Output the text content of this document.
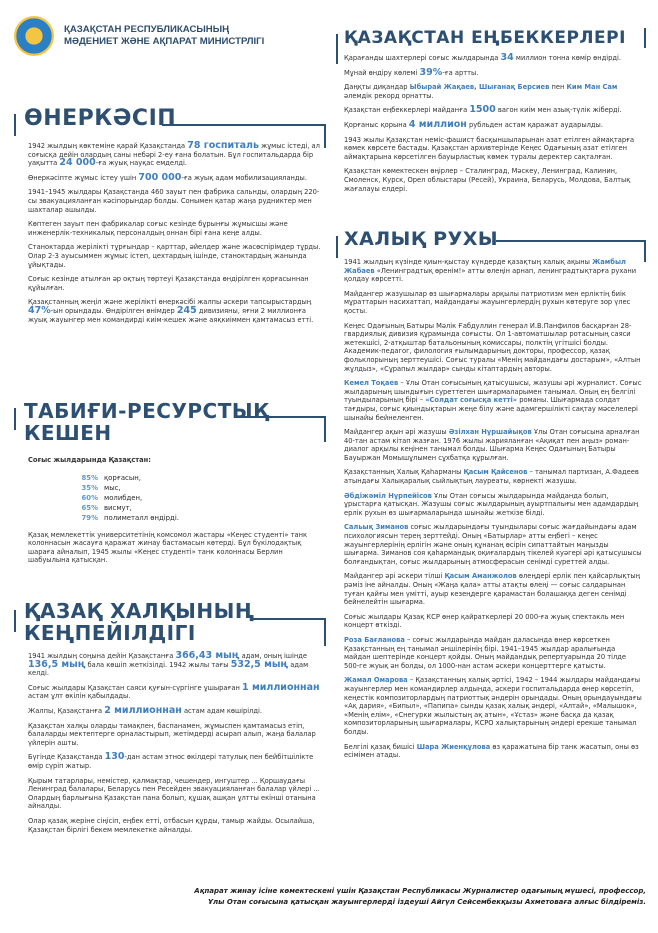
ҚАЗАҚСТАН РЕСПУБЛИКАСЫНЫҢ
МӘДЕНИЕТ ЖӘНЕ АҚПАРАТ МИНИСТРЛІГІ
ӨНЕРКӘСІП

1942 жылдың көктеміне қарай Қазақстанда 78 госпиталь жұмыс істеді, ал соғысқа дейін олардың саны небәрі 2-еу ғана болатын. Бұл госпитальдарда бір уақытта 24 000-ға жуық науқас емделді.

Өнеркәсіпте жұмыс істеу үшін 700 000-ға жуық адам мобилизацияланды.

1941–1945 жылдары Қазақстанда 460 зауыт пен фабрика сальнды, олардың 220-сы эвакуацияланған кәсіпорындар болды. Сонымен қатар жаңа рудниктер мен шахталар ашылды.

Көптеген зауыт пен фабрикалар соғыс кезінде бұрынғы жұмысшы және инженерлік-техникалық персоналдың оннан бірі ғана кеңе алды.

Станоктарда жерілікті тұрғындар – қарттар, әйелдер және жасөспірімдер тұрды. Олар 2-3 ауысыммен жұмыс істеп, цехтардың ішінде, станоктардың жанында ұйықтады.

Соғыс кезінде атылған әр оқтың төртеуі Қазақстанда өндірілген қорғасыннан құйылған.

Қазақстанның жеңіл және жерілікті өнеркәсібі жалпы әскери тапсырыстардың 47%-ын орындады. Өндірілген өнімдер 245 дивизияны, яғни 2 миллионға жуық жауынгер мен командирді киім-кешек және аяқкиіммен қамтамасыз етті.

ТАБИҒИ-РЕСУРСТЫҚ
КЕШЕН

Соғыс жылдарында Қазақстан:

85% қорғасын,
35% мыс,
60% молибден,
65% висмут,
79% полиметалл өндірді.

Қазақ мемлекеттік университетінің комсомол жастары «Кеңес студенті» танк колоннасын жасауға қаражат жинау бастамасын көтерді. Бұл бүкілодақтық шараға айналып, 1945 жылы «Кеңес студенті» танк колоннасы Берлин шабуылына қатысқан.

ҚАЗАҚ ХАЛҚЫНЫҢ
КЕҢПЕЙІЛДІГІ

1941 жылдың соңына дейін Қазақстанға 366,43 мың адам, оның ішінде 136,5 мың бала көшіп жеткізілді. 1942 жылы тағы 532,5 мың адам келді.

Соғыс жылдары Қазақстан саяси қуғын-сүргінге ұшыраған 1 миллионнан астам ұлт өкілін қабылдады.

Жалпы, Қазақстанға 2 миллионнан астам адам көшірілді.

Қазақстан халқы оларды тамақпен, баспанамен, жұмыспен қамтамасыз етіп, балаларды мектептерге орналастырып, жетімдерді асырап алып, жаңа балалар үйлерін ашты.

Бүгінде Қазақстанда 130-дан астам этнос өкілдері татулық пен бейбітшілікте өмір сүріп жатыр.

Қырым татарлары, немістер, қалмақтар, чешендер, ингуштер ... Қоршаудағы Ленинград балалары, Беларусь пен Ресейден эвакуацияланған балалар үйлері ... Олардың барлығына Қазақстан пана болып, құшақ ашқан ұлтты екінші отанына айналды.

Олар қазақ жеріне сіңісіп, еңбек етті, отбасын құрды, тамыр жайды. Осылайша, Қазақстан бірлігі бекем мемлекетке айналды.

ҚАЗАҚСТАН ЕҢБЕККЕРЛЕРІ

Қарағанды шахтерлері соғыс жылдарында 34 миллион тонна көмір өндірді.

Мұнай өндіру көлемі 39%-ға артты.

Даңқты диқандар Ыбырай Жақаев, Шығанақ Берсиев пен Ким Ман Сам әлемдік рекорд орнатты.

Қазақстан еңбеккерлері майданға 1500 вагон киім мен азық-түлік жіберді.

Қорғаныс қорына 4 миллион рубльден астам қаражат аударылды.

1943 жылы Қазақстан неміс-фашист басқыншыларынан азат етілген аймақтарға көмек көрсете бастады. Қазақстан архивтерінде Кеңес Одағының азат етілген аймақтарына көрсетілген бауырластық көмек туралы деректер сақталған.

Қазақстан көмектескен өңірлер – Сталинград, Мәскеу, Ленинград, Калинин, Смоленск, Курск, Орел облыстары (Ресей), Украина, Беларусь, Молдова, Балтық жағалауы елдері.

ХАЛЫҚ РУХЫ

1941 жылдың күзінде қиын-қыстау күндерде қазақтың халық ақыны Жамбыл Жабаев «Ленинградтық өренім!» атты өлеңін арнап, ленинградтықтарға рухани қолдау көрсетті.

Майдангер жазушылар өз шығармалары арқылы патриотизм мен ерліктің биік мұраттарын насихаттап, майдандағы жауынгерлердің рухын көтеруге зор үлес қосты.

Кеңес Одағының Батыры Мәлік Ғабдуллин генерал И.В.Панфилов басқарған 28-гвардиялық дивизия құрамында соғысты. Ол 1-автоматшылар ротасының саяси жетекшісі, 2-атқыштар батальонының комиссары, полктің үгітшісі болды. Академик-педагог, филология ғылымдарының докторы, профессор, қазақ фольклорының зерттеушісі. Соғыс туралы «Менің майдандағы достарым», «Алтын жұлдыз», «Сұрапыл жылдар» сынды кітаптардың авторы.

Кемел Тоқаев – Ұлы Отан соғысының қатысушысы, жазушы әрі журналист. Соғыс жылдарының шындығын суреттеген шығармаларымен танымал. Оның ең белгілі туындыларының бірі – «Солдат соғысқа кетті» романы. Шығармада солдат тағдыры, соғыс қиындықтарын жеңе білу және адамгершілікті сақтау мәселелері шынайы бейнеленген.

Майдангер ақын әрі жазушы Әзілхан Нұршайықов Ұлы Отан соғысына арналған 40-тан астам кітап жазған. 1976 жылы жарияланған «Ақиқат пен аңыз» роман-диалог арқылы кеңінен танымал болды. Шығарма Кеңес Одағының Батыры Бауыржан Момышұлымен сұхбатқа құрылған.

Қазақстанның Халық Қаһарманы Қасым Қайсенов – танымал партизан, А.Фадеев атындағы Халықаралық сыйлықтың лауреаты, көрнекті жазушы.

Әбдіжәміл Нұрпейісов Ұлы Отан соғысы жылдарында майданда болып, ұрыстарға қатысқан. Жазушы соғыс жылдарының ауыртпалығы мен адамдардың ерлік рухын өз шығармаларында шынайы жеткізе білді.

Сальық Зиманов соғыс жылдарындағы туындылары соғыс жағдайындағы адам психологиясын терең зерттейді. Оның «Батырлар» атты еңбегі – кеңес жауынгерлерінің ерлігін және оның құнанаң өсірін сипаттайтын маңызды шығарма. Зиманов соя қаһармандық оқиғалардың тікелей куәгері әрі қатысушысы болғандықтан, соғыс жылдарының атмосферасын сенімді суреттей алды.

Майдангер әрі әскери тілші Қасым Аманжолов өлеңдері ерлік пен қайсарлықтың рәміз іне айналды. Оның «Жаңа қала» атты атақты өлеңі — соғыс салдарынан туған қайғы мен үмітті, ауыр кезеңдерге қарамастан болашаққа деген сенімді бейнелейтін шығарма.

Соғыс жылдары Қазақ КСР өнер қайраткерлері 20 000-ға жуық спектакль мен концерт өткізді.

Роза Бағланова – соғыс жылдарында майдан даласында өнер көрсеткен Қазақстанның ең танымал әншілерінің бірі. 1941–1945 жылдар аралығында майдан шептерінде концерт қойды. Оның майдандық репертуарында 20 тілде 500-ге жуық ән болды, ол 1000-нан астам әскери концерттерге қатысты.

Жамал Омарова – Қазақстанның халық әртісі, 1942 – 1944 жылдары майдандағы жауынгерлер мен командирлер алдында, әскери госпитальдарда өнер көрсетіп, кеңестік композиторлардың патриоттық әндерін орындады. Оның орындауындағы «Ақ дария», «Бипыл», «Папипа» сынды қазақ халық әндері, «Алтай», «Малышок», «Менің елім», «Снегурки жылыстың ақ атын», «Ұстаз» және басқа да қазақ композиторларының шығармалары, КСРО халықтарының әндері ерекше танымал болды.

Белгілі қазақ бишісі Шара Жиенқұлова өз қаражатына бір танк жасатып, оны өз есімімен атады.

Ақпарат жинау ісіне көмектескені үшін Қазақстан Республикасы Журналистер одағының мүшесі, профессор,
Ұлы Отан соғысына қатысқан жауынгерлерді іздеуші Айгүл Сейсембекқызы Ахметоваға алғыс білдіреміз.
